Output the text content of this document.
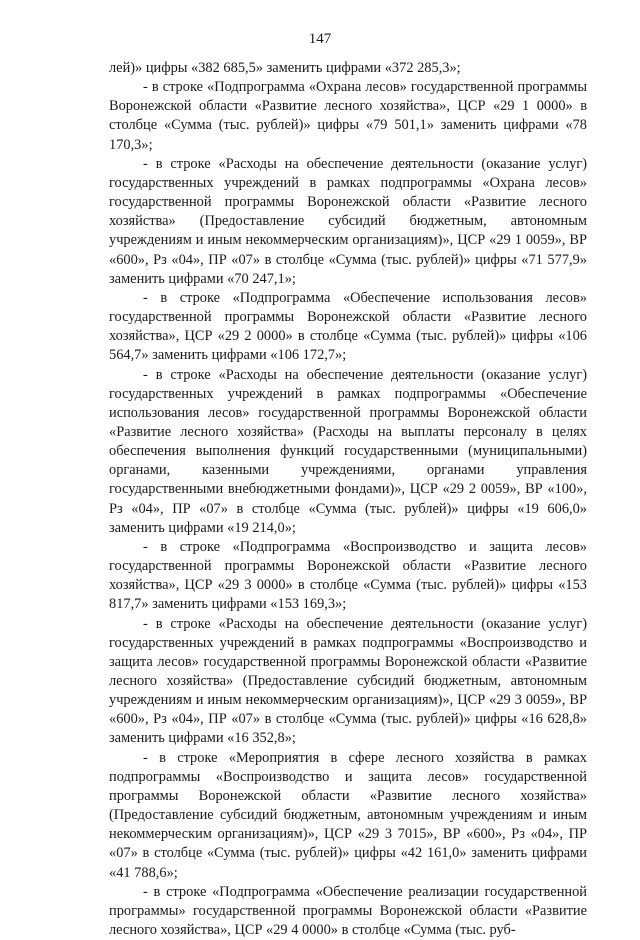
147

лей)» цифры «382 685,5» заменить цифрами «372 285,3»;

- в строке «Подпрограмма «Охрана лесов» государственной программы Воронежской области «Развитие лесного хозяйства», ЦСР «29 1 0000» в столбце «Сумма (тыс. рублей)» цифры «79 501,1» заменить цифрами «78 170,3»;

- в строке «Расходы на обеспечение деятельности (оказание услуг) государственных учреждений в рамках подпрограммы «Охрана лесов» государственной программы Воронежской области «Развитие лесного хозяйства» (Предоставление субсидий бюджетным, автономным учреждениям и иным некоммерческим организациям)», ЦСР «29 1 0059», ВР «600», Рз «04», ПР «07» в столбце «Сумма (тыс. рублей)» цифры «71 577,9» заменить цифрами «70 247,1»;

- в строке «Подпрограмма «Обеспечение использования лесов» государственной программы Воронежской области «Развитие лесного хозяйства», ЦСР «29 2 0000» в столбце «Сумма (тыс. рублей)» цифры «106 564,7» заменить цифрами «106 172,7»;

- в строке «Расходы на обеспечение деятельности (оказание услуг) государственных учреждений в рамках подпрограммы «Обеспечение использования лесов» государственной программы Воронежской области «Развитие лесного хозяйства» (Расходы на выплаты персоналу в целях обеспечения выполнения функций государственными (муниципальными) органами, казенными учреждениями, органами управления государственными внебюджетными фондами)», ЦСР «29 2 0059», ВР «100», Рз «04», ПР «07» в столбце «Сумма (тыс. рублей)» цифры «19 606,0» заменить цифрами «19 214,0»;

- в строке «Подпрограмма «Воспроизводство и защита лесов» государственной программы Воронежской области «Развитие лесного хозяйства», ЦСР «29 3 0000» в столбце «Сумма (тыс. рублей)» цифры «153 817,7» заменить цифрами «153 169,3»;

- в строке «Расходы на обеспечение деятельности (оказание услуг) государственных учреждений в рамках подпрограммы «Воспроизводство и защита лесов» государственной программы Воронежской области «Развитие лесного хозяйства» (Предоставление субсидий бюджетным, автономным учреждениям и иным некоммерческим организациям)», ЦСР «29 3 0059», ВР «600», Рз «04», ПР «07» в столбце «Сумма (тыс. рублей)» цифры «16 628,8» заменить цифрами «16 352,8»;

- в строке «Мероприятия в сфере лесного хозяйства в рамках подпрограммы «Воспроизводство и защита лесов» государственной программы Воронежской области «Развитие лесного хозяйства» (Предоставление субсидий бюджетным, автономным учреждениям и иным некоммерческим организациям)», ЦСР «29 3 7015», ВР «600», Рз «04», ПР «07» в столбце «Сумма (тыс. рублей)» цифры «42 161,0» заменить цифрами «41 788,6»;

- в строке «Подпрограмма «Обеспечение реализации государственной программы» государственной программы Воронежской области «Развитие лесного хозяйства», ЦСР «29 4 0000» в столбце «Сумма (тыс. руб-
